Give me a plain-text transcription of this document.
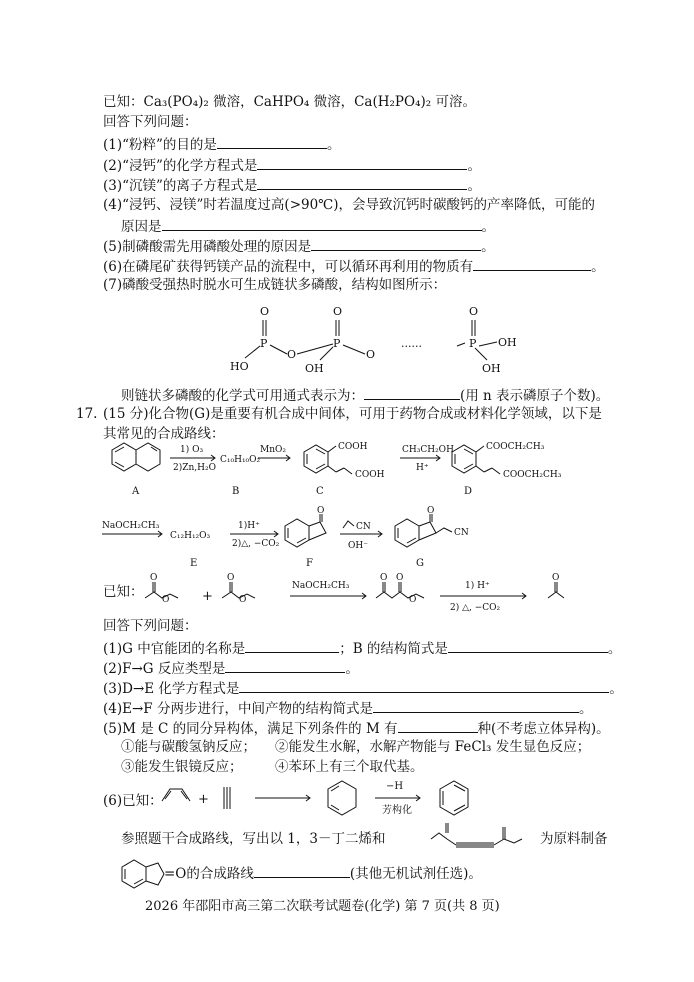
已知：Ca₃(PO₄)₂ 微溶，CaHPO₄ 微溶，Ca(H₂PO₄)₂ 可溶。
回答下列问题：
(1)“粉粹”的目的是	。
(2)“浸钙”的化学方程式是	。
(3)“沉镁”的离子方程式是	。
(4)“浸钙、浸镁”时若温度过高(>90℃)，会导致沉钙时碳酸钙的产率降低，可能的
原因是	。
(5)制磷酸需先用磷酸处理的原因是	。
(6)在磷尾矿获得钙镁产品的流程中，可以循环再利用的物质有	。
(7)磷酸受强热时脱水可生成链状多磷酸，结构如图所示：
O
P
HO
O
O
P
OH
O
······
O
P OH
OH
则链状多磷酸的化学式可用通式表示为：	(用 n 表示磷原子个数)。
17. (15 分)化合物(G)是重要有机合成中间体，可用于药物合成或材料化学领域，以下是
其常见的合成路线：
1) O₃
2)Zn,H₂O
C₁₀H₁₀O₂
MnO₂	COOH
COOH
CH₃CH₂OH
H⁺
COOCH₂CH₃
COOCH₂CH₃
A	B	C	D
NaOCH₂CH₃
C₁₂H₁₂O₃
1)H⁺
2)△, −CO₂
O
CN
OH⁻
O
CN
E	F	G
已知：
O
O	+
O
O
NaOCH₂CH₃
O O
O
1) H⁺
2) △, −CO₂
O
回答下列问题：
(1)G 中官能团的名称是	；B 的结构简式是	。
(2)F→G 反应类型是	。
(3)D→E 化学方程式是	。
(4)E→F 分两步进行，中间产物的结构简式是	。
(5)M 是 C 的同分异构体，满足下列条件的 M 有	种(不考虑立体异构)。
①能与碳酸氢钠反应； ②能发生水解，水解产物能与 FeCl₃ 发生显色反应；
③能发生银镜反应； ④苯环上有三个取代基。
(6)已知：	+
−H
芳构化
参照题干合成路线，写出以 1，3－丁二烯和	为原料制备
=O的合成路线	(其他无机试剂任选)。
2026 年邵阳市高三第二次联考试题卷(化学) 第 7 页(共 8 页)
